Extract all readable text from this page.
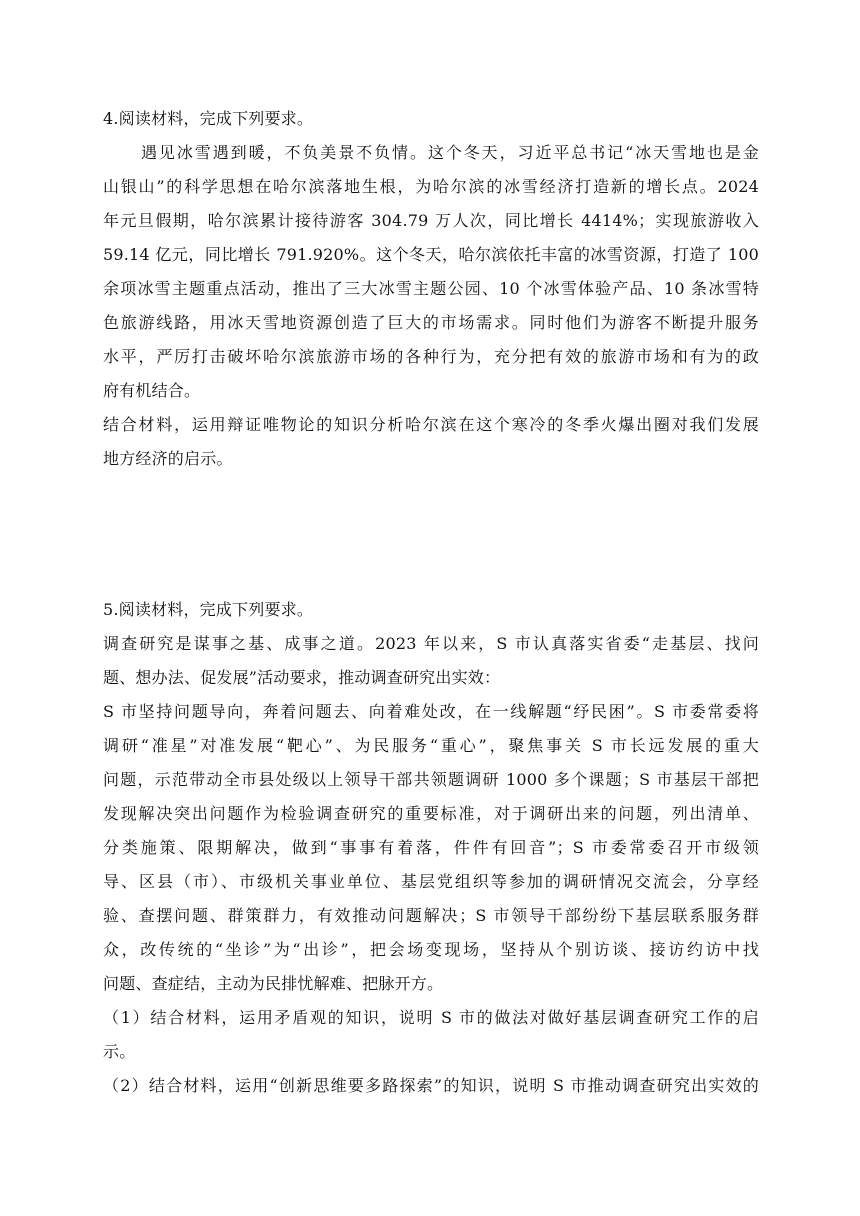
4.阅读材料，完成下列要求。
遇见冰雪遇到暖，不负美景不负情。这个冬天，习近平总书记“冰天雪地也是金
山银山”的科学思想在哈尔滨落地生根，为哈尔滨的冰雪经济打造新的增长点。2024
年元旦假期，哈尔滨累计接待游客 304.79 万人次，同比增长 4414%；实现旅游收入
59.14 亿元，同比增长 791.920%。这个冬天，哈尔滨依托丰富的冰雪资源，打造了 100
余项冰雪主题重点活动，推出了三大冰雪主题公园、10 个冰雪体验产品、10 条冰雪特
色旅游线路，用冰天雪地资源创造了巨大的市场需求。同时他们为游客不断提升服务
水平，严厉打击破坏哈尔滨旅游市场的各种行为，充分把有效的旅游市场和有为的政
府有机结合。
结合材料，运用辩证唯物论的知识分析哈尔滨在这个寒冷的冬季火爆出圈对我们发展
地方经济的启示。
5.阅读材料，完成下列要求。
调查研究是谋事之基、成事之道。2023 年以来，S 市认真落实省委“走基层、找问
题、想办法、促发展”活动要求，推动调查研究出实效：
S 市坚持问题导向，奔着问题去、向着难处改，在一线解题“纾民困”。S 市委常委将
调研“准星”对准发展“靶心”、为民服务“重心”，聚焦事关 S 市长远发展的重大
问题，示范带动全市县处级以上领导干部共领题调研 1000 多个课题；S 市基层干部把
发现解决突出问题作为检验调查研究的重要标准，对于调研出来的问题，列出清单、
分类施策、限期解决，做到“事事有着落，件件有回音”；S 市委常委召开市级领
导、区县（市）、市级机关事业单位、基层党组织等参加的调研情况交流会，分享经
验、查摆问题、群策群力，有效推动问题解决；S 市领导干部纷纷下基层联系服务群
众，改传统的“坐诊”为“出诊”，把会场变现场，坚持从个别访谈、接访约访中找
问题、查症结，主动为民排忧解难、把脉开方。
（1）结合材料，运用矛盾观的知识，说明 S 市的做法对做好基层调查研究工作的启
示。
（2）结合材料，运用“创新思维要多路探索”的知识，说明 S 市推动调查研究出实效的
